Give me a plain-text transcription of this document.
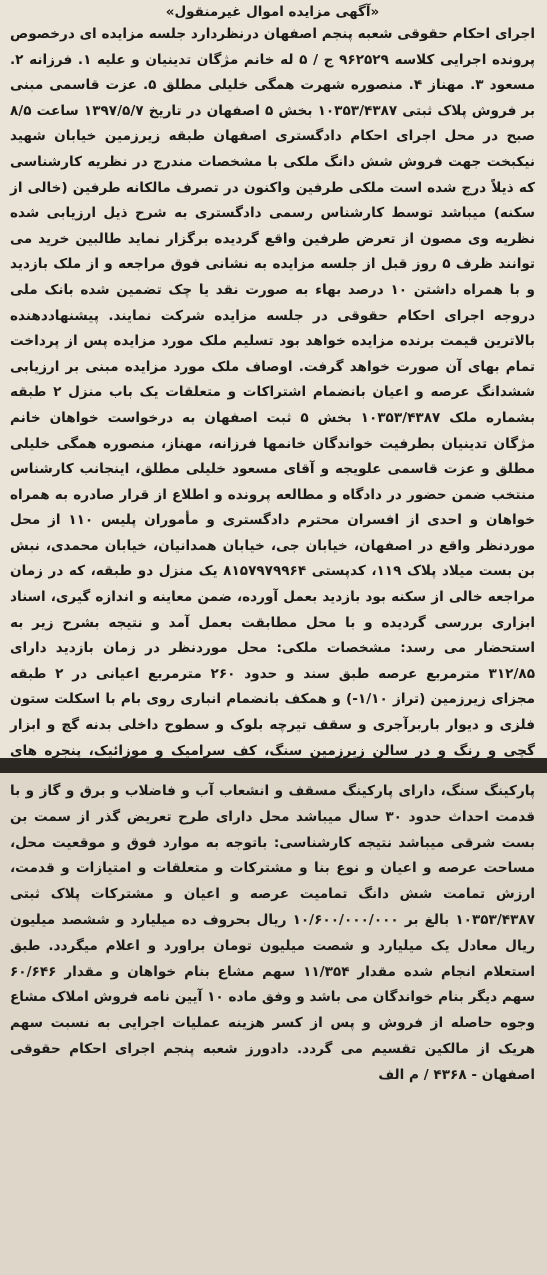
«آگهی مزایده اموال غیرمنقول»

اجرای احکام حقوقی شعبه پنجم اصفهان درنظردارد جلسه مزایده ای درخصوص پرونده اجرایی کلاسه ۹۶۲۵۲۹ ج / ۵ له خانم مژگان تدینیان و علیه ۱. فرزانه ۲. مسعود ۳. مهناز ۴. منصوره شهرت همگی خلیلی مطلق ۵. عزت قاسمی مبنی بر فروش پلاک ثبتی ۱۰۳۵۳/۴۳۸۷ بخش ۵ اصفهان در تاریخ ۱۳۹۷/۵/۷ ساعت ۸/۵ صبح در محل اجرای احکام دادگستری اصفهان طبقه زیرزمین خیابان شهید نیکبخت جهت فروش شش دانگ ملکی با مشخصات مندرج در نظریه کارشناسی که ذیلاً درج شده است ملکی طرفین واکنون در تصرف مالکانه طرفین (خالی از سکنه) میباشد توسط کارشناس رسمی دادگستری به شرح ذیل ارزیابی شده نظریه وی مصون از تعرض طرفین واقع گردیده برگزار نماید طالبین خرید می توانند ظرف ۵ روز قبل از جلسه مزایده به نشانی فوق مراجعه و از ملک بازدید و با همراه داشتن ۱۰ درصد بهاء به صورت نقد یا چک تضمین شده بانک ملی دروجه اجرای احکام حقوقی در جلسه مزایده شرکت نمایند. پیشنهاددهنده بالاترین قیمت برنده مزایده خواهد بود تسلیم ملک مورد مزایده پس از پرداخت تمام بهای آن صورت خواهد گرفت. اوصاف ملک مورد مزایده مبنی بر ارزیابی ششدانگ عرصه و اعیان بانضمام اشتراکات و متعلقات یک باب منزل ۲ طبقه بشماره ملک ۱۰۳۵۳/۴۳۸۷ بخش ۵ ثبت اصفهان به درخواست خواهان خانم مژگان تدینیان بطرفیت خواندگان خانمها فرزانه، مهناز، منصوره همگی خلیلی مطلق و عزت قاسمی علویجه و آقای مسعود خلیلی مطلق، اینجانب کارشناس منتخب ضمن حضور در دادگاه و مطالعه پرونده و اطلاع از قرار صادره به همراه خواهان و احدی از افسران محترم دادگستری و مأموران پلیس ۱۱۰ از محل موردنظر واقع در اصفهان، خیابان جی، خیابان همدانیان، خیابان محمدی، نبش بن بست میلاد پلاک ۱۱۹، کدپستی ۸۱۵۷۹۷۹۹۶۴ یک منزل دو طبقه، که در زمان مراجعه خالی از سکنه بود بازدید بعمل آورده، ضمن معاینه و اندازه گیری، اسناد ابزاری بررسی گردیده و با محل مطابقت بعمل آمد و نتیجه بشرح زیر به استحضار می رسد: مشخصات ملکی: محل موردنظر در زمان بازدید دارای ۳۱۲/۸۵ مترمربع عرصه طبق سند و حدود ۲۶۰ مترمربع اعیانی در ۲ طبقه مجزای زیرزمین (تراز ۱/۱۰-) و همکف بانضمام انباری روی بام با اسکلت ستون فلزی و دیوار باربرآجری و سقف تیرچه بلوک و سطوح داخلی بدنه گچ و ابزار گچی و رنگ و در سالن زیرزمین سنگ، کف سرامیک و موزائیک، پنجره های

پارکینگ سنگ، دارای پارکینگ مسقف و انشعاب آب و فاضلاب و برق و گاز و با قدمت احداث حدود ۳۰ سال میباشد محل دارای طرح تعریض گذر از سمت بن بست شرقی میباشد نتیجه کارشناسی: باتوجه به موارد فوق و موقعیت محل، مساحت عرصه و اعیان و نوع بنا و مشترکات و متعلقات و امتیازات و قدمت، ارزش تمامت شش دانگ تمامیت عرصه و اعیان و مشترکات پلاک ثبتی ۱۰۳۵۳/۴۳۸۷ بالغ بر ۱۰/۶۰۰/۰۰۰/۰۰۰ ریال بحروف ده میلیارد و ششصد میلیون ریال معادل یک میلیارد و شصت میلیون تومان براورد و اعلام میگردد. طبق استعلام انجام شده مقدار ۱۱/۳۵۴ سهم مشاع بنام خواهان و مقدار ۶۰/۶۴۶ سهم دیگر بنام خواندگان می باشد و وفق ماده ۱۰ آیین نامه فروش املاک مشاع وجوه حاصله از فروش و پس از کسر هزینه عملیات اجرایی به نسبت سهم هریک از مالکین تقسیم می گردد. دادورز شعبه پنجم اجرای احکام حقوقی اصفهان - ۴۳۶۸ / م الف
